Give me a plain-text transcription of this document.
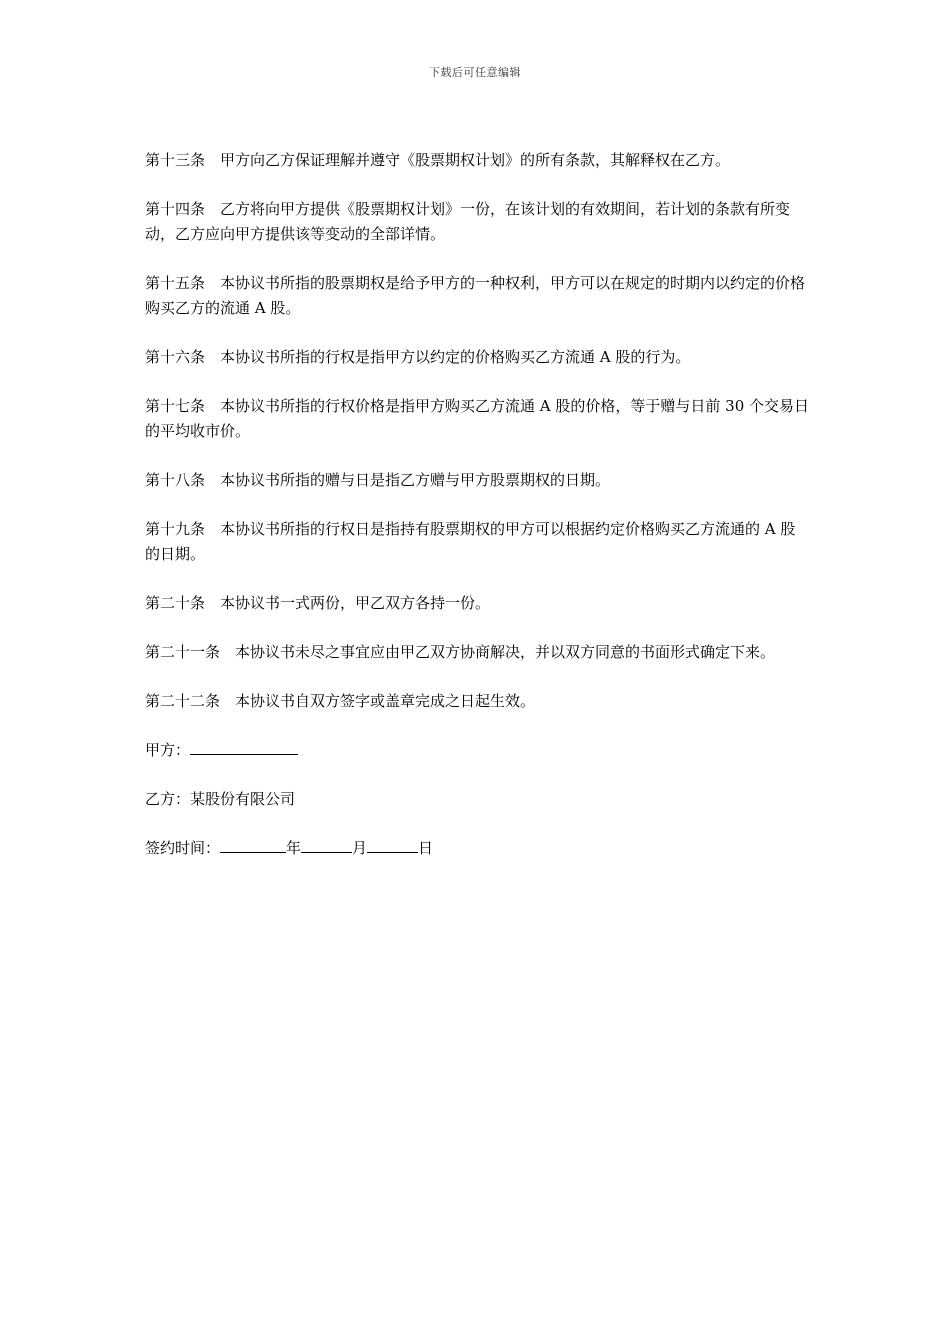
下载后可任意编辑

第十三条 甲方向乙方保证理解并遵守《股票期权计划》的所有条款，其解释权在乙方。

第十四条 乙方将向甲方提供《股票期权计划》一份，在该计划的有效期间，若计划的条款有所变动，乙方应向甲方提供该等变动的全部详情。

第十五条 本协议书所指的股票期权是给予甲方的一种权利，甲方可以在规定的时期内以约定的价格购买乙方的流通 A 股。

第十六条 本协议书所指的行权是指甲方以约定的价格购买乙方流通 A 股的行为。

第十七条 本协议书所指的行权价格是指甲方购买乙方流通 A 股的价格，等于赠与日前 30 个交易日的平均收市价。

第十八条 本协议书所指的赠与日是指乙方赠与甲方股票期权的日期。

第十九条 本协议书所指的行权日是指持有股票期权的甲方可以根据约定价格购买乙方流通的 A 股的日期。

第二十条 本协议书一式两份，甲乙双方各持一份。

第二十一条 本协议书未尽之事宜应由甲乙双方协商解决，并以双方同意的书面形式确定下来。

第二十二条 本协议书自双方签字或盖章完成之日起生效。

甲方：

乙方：某股份有限公司

签约时间：	年	月	日
